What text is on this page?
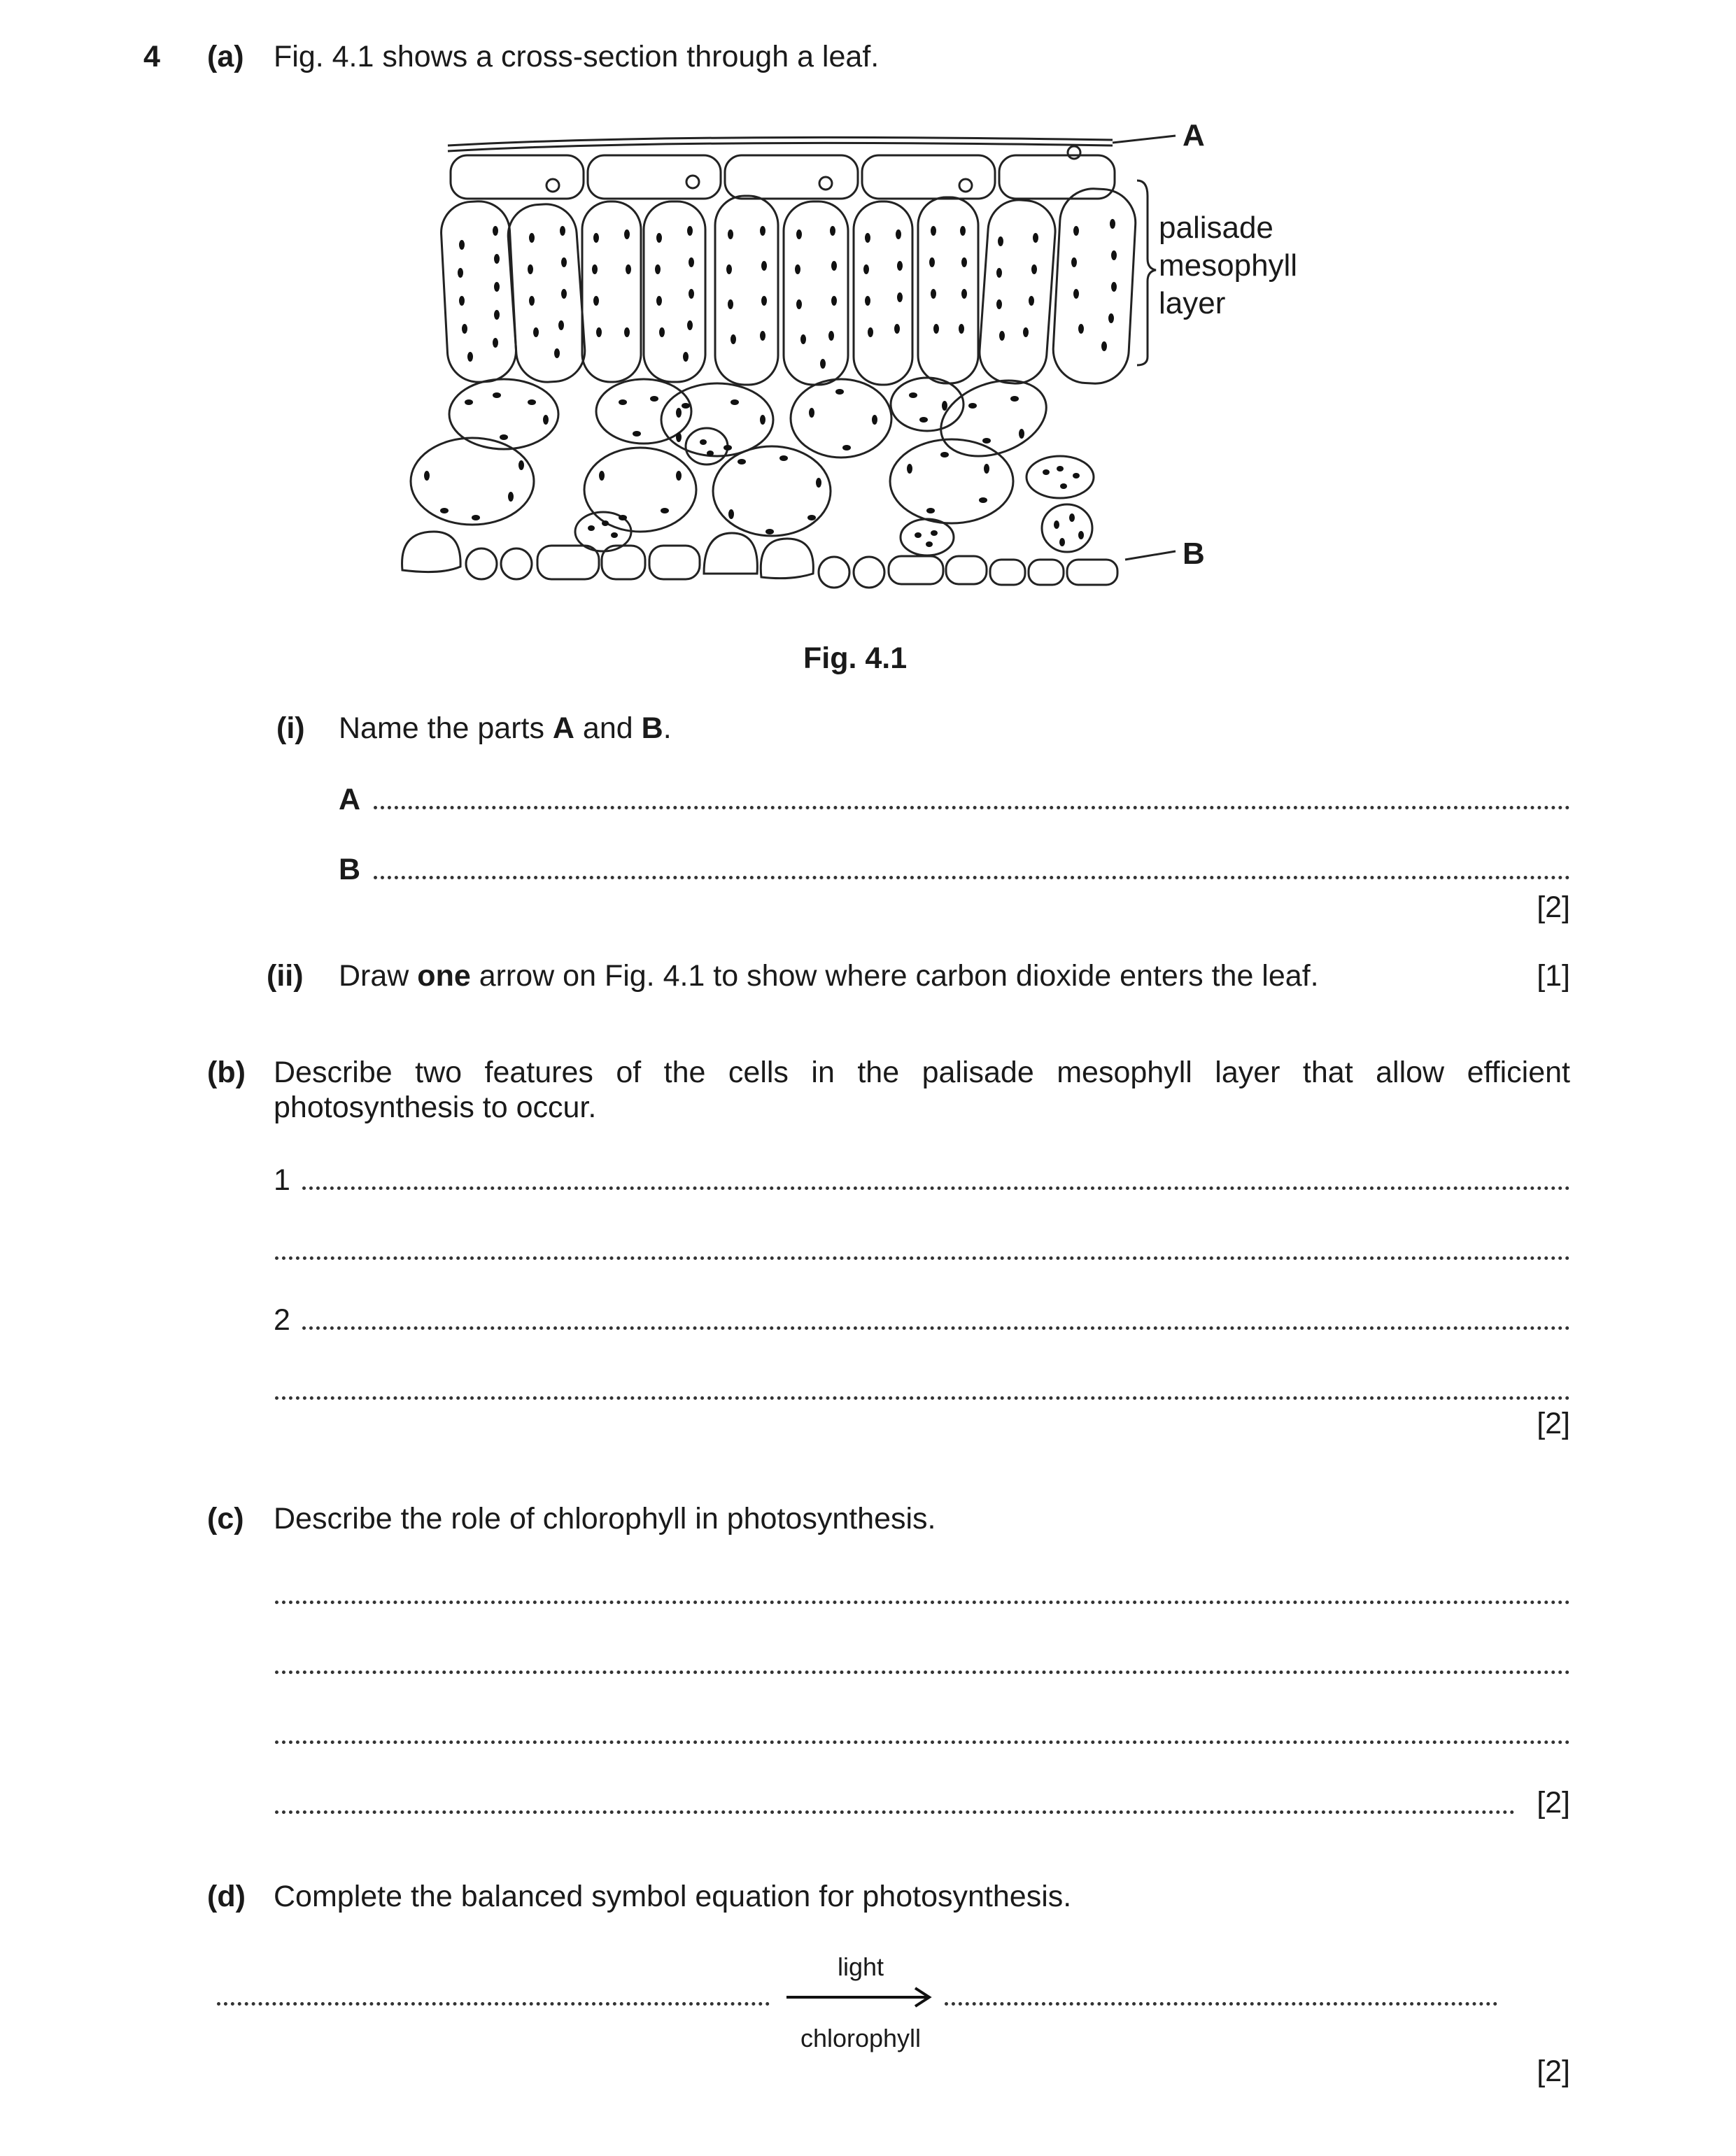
4 (a) Fig. 4.1 shows a cross-section through a leaf.
A
palisade
mesophyll
layer
B
Fig. 4.1
(i) Name the parts A and B.
A
B
[2]
(ii) Draw one arrow on Fig. 4.1 to show where carbon dioxide enters the leaf.	[1]
(b) Describe two features of the cells in the palisade mesophyll layer that allow efficient
photosynthesis to occur.
1
2
[2]
(c) Describe the role of chlorophyll in photosynthesis.
[2]
(d) Complete the balanced symbol equation for photosynthesis.
light
chlorophyll
[2]
